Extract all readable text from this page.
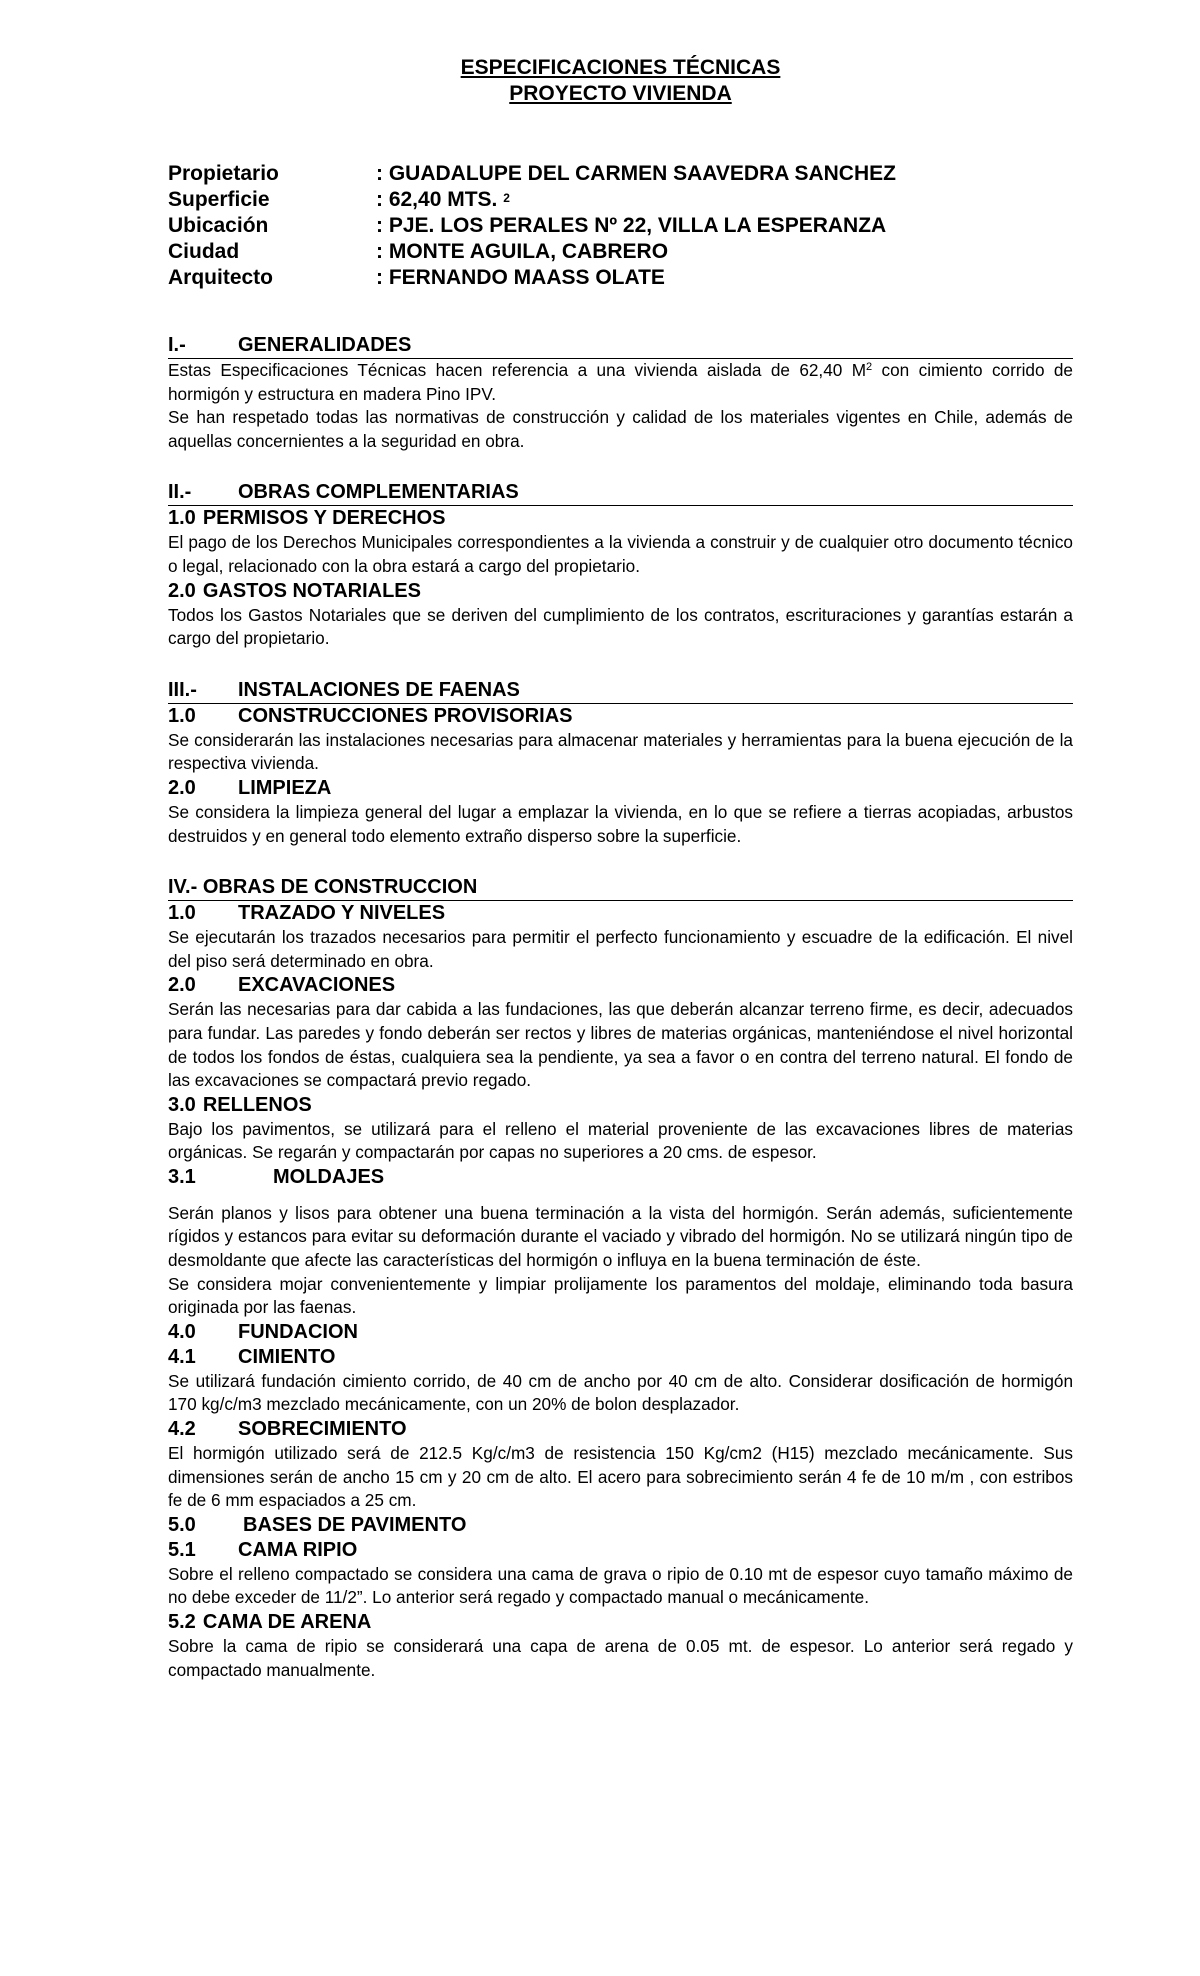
ESPECIFICACIONES TÉCNICAS
PROYECTO VIVIENDA
Propietario	: GUADALUPE DEL CARMEN SAAVEDRA SANCHEZ
Superficie	: 62,40 MTS. $^2$
Ubicación	: PJE. LOS PERALES Nº 22, VILLA LA ESPERANZA
Ciudad	: MONTE AGUILA, CABRERO
Arquitecto	: FERNANDO MAASS OLATE
I.-	GENERALIDADES

Estas Especificaciones Técnicas hacen referencia a una vivienda aislada de 62,40 $M^2$ con cimiento corrido de hormigón y estructura en madera Pino IPV.

Se han respetado todas las normativas de construcción y calidad de los materiales vigentes en Chile, además de aquellas concernientes a la seguridad en obra.

II.-	OBRAS COMPLEMENTARIAS
1.0 PERMISOS Y DERECHOS

El pago de los Derechos Municipales correspondientes a la vivienda a construir y de cualquier otro documento técnico o legal, relacionado con la obra estará a cargo del propietario.

2.0 GASTOS NOTARIALES

Todos los Gastos Notariales que se deriven del cumplimiento de los contratos, escrituraciones y garantías estarán a cargo del propietario.

III.-	INSTALACIONES DE FAENAS
1.0	CONSTRUCCIONES PROVISORIAS

Se considerarán las instalaciones necesarias para almacenar materiales y herramientas para la buena ejecución de la respectiva vivienda.

2.0	LIMPIEZA

Se considera la limpieza general del lugar a emplazar la vivienda, en lo que se refiere a tierras acopiadas, arbustos destruidos y en general todo elemento extraño disperso sobre la superficie.

IV.- OBRAS DE CONSTRUCCION
1.0	TRAZADO Y NIVELES

Se ejecutarán los trazados necesarios para permitir el perfecto funcionamiento y escuadre de la edificación. El nivel del piso será determinado en obra.

2.0	EXCAVACIONES

Serán las necesarias para dar cabida a las fundaciones, las que deberán alcanzar terreno firme, es decir, adecuados para fundar. Las paredes y fondo deberán ser rectos y libres de materias orgánicas, manteniéndose el nivel horizontal de todos los fondos de éstas, cualquiera sea la pendiente, ya sea a favor o en contra del terreno natural. El fondo de las excavaciones se compactará previo regado.

3.0 RELLENOS

Bajo los pavimentos, se utilizará para el relleno el material proveniente de las excavaciones libres de materias orgánicas. Se regarán y compactarán por capas no superiores a 20 cms. de espesor.

3.1	MOLDAJES

Serán planos y lisos para obtener una buena terminación a la vista del hormigón. Serán además, suficientemente rígidos y estancos para evitar su deformación durante el vaciado y vibrado del hormigón. No se utilizará ningún tipo de desmoldante que afecte las características del hormigón o influya en la buena terminación de éste.

Se considera mojar convenientemente y limpiar prolijamente los paramentos del moldaje, eliminando toda basura originada por las faenas.

4.0	FUNDACION
4.1	CIMIENTO

Se utilizará fundación cimiento corrido, de 40 cm de ancho por 40 cm de alto. Considerar dosificación de hormigón 170 kg/c/m3 mezclado mecánicamente, con un 20% de bolon desplazador.

4.2	SOBRECIMIENTO

El hormigón utilizado será de 212.5 Kg/c/m3 de resistencia 150 Kg/cm2 (H15) mezclado mecánicamente. Sus dimensiones serán de ancho 15 cm y 20 cm de alto. El acero para sobrecimiento serán 4 fe de 10 m/m , con estribos fe de 6 mm espaciados a 25 cm.

5.0	BASES DE PAVIMENTO
5.1	CAMA RIPIO

Sobre el relleno compactado se considera una cama de grava o ripio de 0.10 mt de espesor cuyo tamaño máximo de no debe exceder de 11/2”. Lo anterior será regado y compactado manual o mecánicamente.

5.2 CAMA DE ARENA

Sobre la cama de ripio se considerará una capa de arena de 0.05 mt. de espesor. Lo anterior será regado y compactado manualmente.
